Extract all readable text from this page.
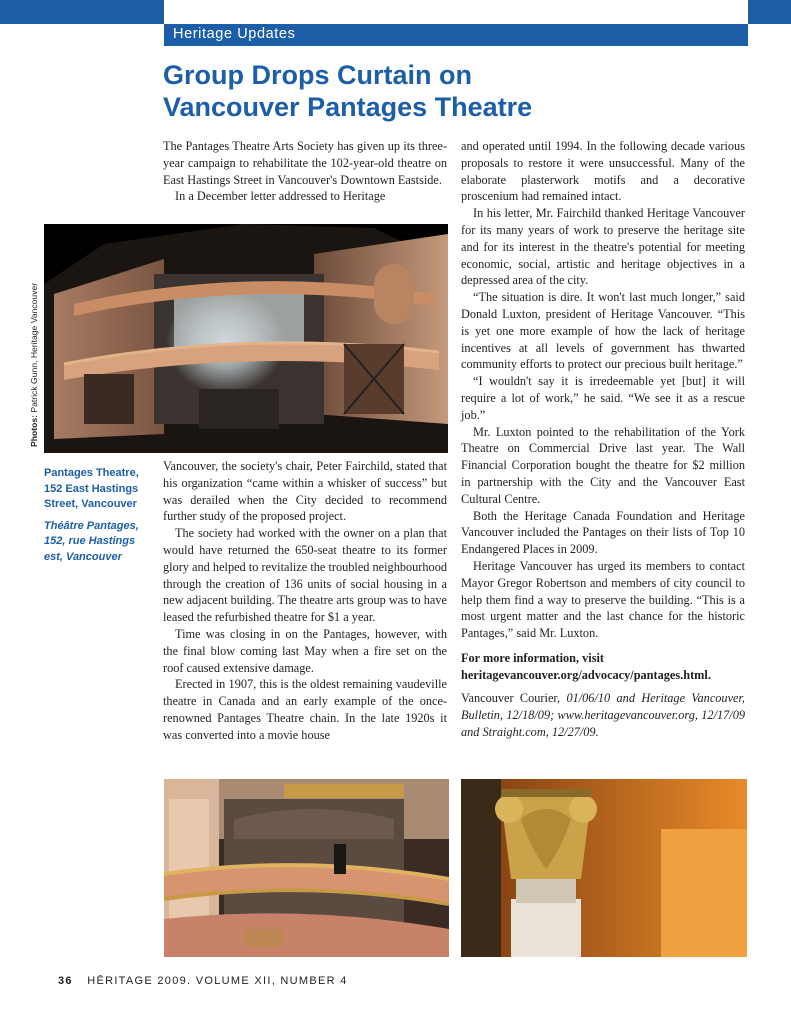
Heritage Updates
Group Drops Curtain on
Vancouver Pantages Theatre

The Pantages Theatre Arts Society has given up its three-year campaign to rehabilitate the 102-year-old theatre on East Hastings Street in Vancouver's Downtown Eastside.

In a December letter addressed to Heritage

Photos: Patrick Gunn, Heritage Vancouver
Pantages Theatre, 152 East Hastings Street, Vancouver
Théâtre Pantages, 152, rue Hastings est, Vancouver

Vancouver, the society's chair, Peter Fairchild, stated that his organization “came within a whisker of success” but was derailed when the City decided to recommend further study of the proposed project.

The society had worked with the owner on a plan that would have returned the 650-seat theatre to its former glory and helped to revitalize the troubled neighbourhood through the creation of 136 units of social housing in a new adjacent building. The theatre arts group was to have leased the refurbished theatre for $1 a year.

Time was closing in on the Pantages, however, with the final blow coming last May when a fire set on the roof caused extensive damage.

Erected in 1907, this is the oldest remaining vaudeville theatre in Canada and an early example of the once-renowned Pantages Theatre chain. In the late 1920s it was converted into a movie house

and operated until 1994. In the following decade various proposals to restore it were unsuccessful. Many of the elaborate plasterwork motifs and a decorative proscenium had remained intact.

In his letter, Mr. Fairchild thanked Heritage Vancouver for its many years of work to preserve the heritage site and for its interest in the theatre's potential for meeting economic, social, artistic and heritage objectives in a depressed area of the city.

“The situation is dire. It won't last much longer,” said Donald Luxton, president of Heritage Vancouver. “This is yet one more example of how the lack of heritage incentives at all levels of government has thwarted community efforts to protect our precious built heritage.”

“I wouldn't say it is irredeemable yet [but] it will require a lot of work,” he said. “We see it as a rescue job.”

Mr. Luxton pointed to the rehabilitation of the York Theatre on Commercial Drive last year. The Wall Financial Corporation bought the theatre for $2 million in partnership with the City and the Vancouver East Cultural Centre.

Both the Heritage Canada Foundation and Heritage Vancouver included the Pantages on their lists of Top 10 Endangered Places in 2009.

Heritage Vancouver has urged its members to contact Mayor Gregor Robertson and members of city council to help them find a way to preserve the building. “This is a most urgent matter and the last chance for the historic Pantages,” said Mr. Luxton.

For more information, visit
heritagevancouver.org/advocacy/pantages.html.

Vancouver Courier, 01/06/10 and Heritage Vancouver, Bulletin, 12/18/09; www.heritagevancouver.org, 12/17/09 and Straight.com, 12/27/09.

36 HĒRITAGE 2009. VOLUME XII, NUMBER 4
